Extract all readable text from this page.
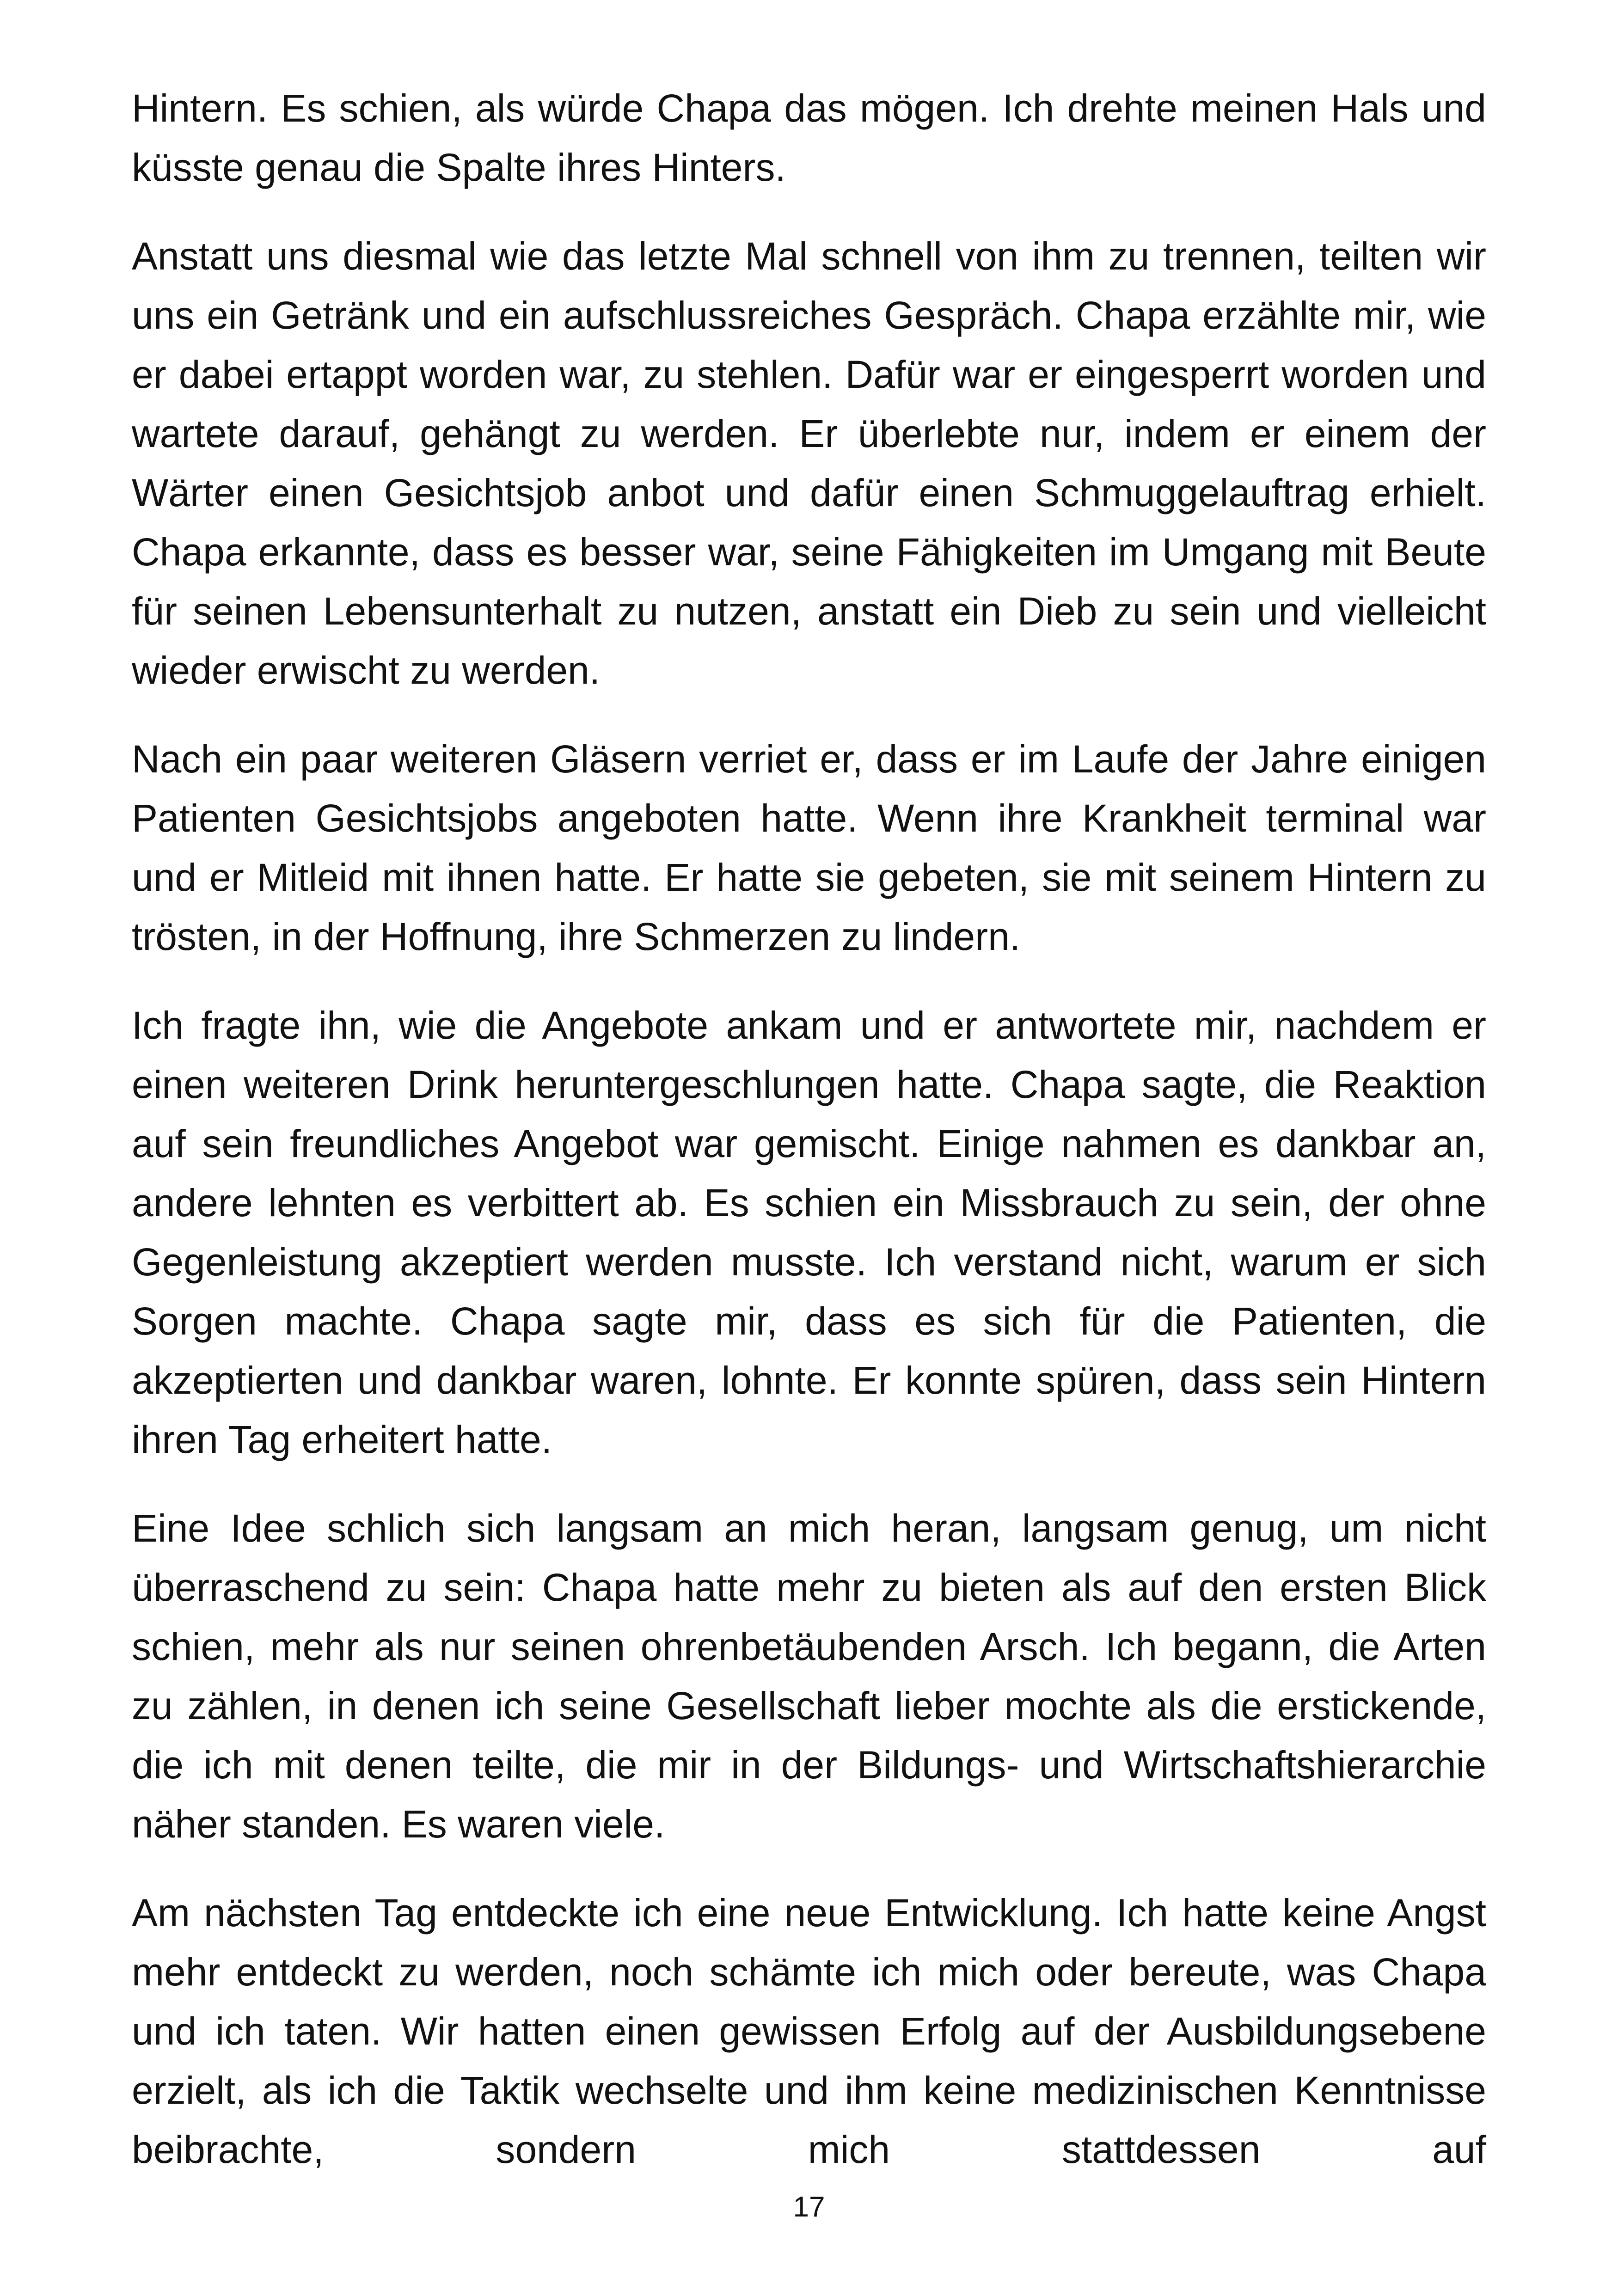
Hintern. Es schien, als würde Chapa das mögen. Ich drehte meinen Hals und küsste genau die Spalte ihres Hinters.

Anstatt uns diesmal wie das letzte Mal schnell von ihm zu trennen, teilten wir uns ein Getränk und ein aufschlussreiches Gespräch. Chapa erzählte mir, wie er dabei ertappt worden war, zu stehlen. Dafür war er eingesperrt worden und wartete darauf, gehängt zu werden. Er überlebte nur, indem er einem der Wärter einen Gesichtsjob anbot und dafür einen Schmuggelauftrag erhielt. Chapa erkannte, dass es besser war, seine Fähigkeiten im Umgang mit Beute für seinen Lebensunterhalt zu nutzen, anstatt ein Dieb zu sein und vielleicht wieder erwischt zu werden.

Nach ein paar weiteren Gläsern verriet er, dass er im Laufe der Jahre einigen Patienten Gesichtsjobs angeboten hatte. Wenn ihre Krankheit terminal war und er Mitleid mit ihnen hatte. Er hatte sie gebeten, sie mit seinem Hintern zu trösten, in der Hoffnung, ihre Schmerzen zu lindern.

Ich fragte ihn, wie die Angebote ankam und er antwortete mir, nachdem er einen weiteren Drink heruntergeschlungen hatte. Chapa sagte, die Reaktion auf sein freundliches Angebot war gemischt. Einige nahmen es dankbar an, andere lehnten es verbittert ab. Es schien ein Missbrauch zu sein, der ohne Gegenleistung akzeptiert werden musste. Ich verstand nicht, warum er sich Sorgen machte. Chapa sagte mir, dass es sich für die Patienten, die akzeptierten und dankbar waren, lohnte. Er konnte spüren, dass sein Hintern ihren Tag erheitert hatte.

Eine Idee schlich sich langsam an mich heran, langsam genug, um nicht überraschend zu sein: Chapa hatte mehr zu bieten als auf den ersten Blick schien, mehr als nur seinen ohrenbetäubenden Arsch. Ich begann, die Arten zu zählen, in denen ich seine Gesellschaft lieber mochte als die erstickende, die ich mit denen teilte, die mir in der Bildungs- und Wirtschaftshierarchie näher standen. Es waren viele.

Am nächsten Tag entdeckte ich eine neue Entwicklung. Ich hatte keine Angst mehr entdeckt zu werden, noch schämte ich mich oder bereute, was Chapa und ich taten. Wir hatten einen gewissen Erfolg auf der Ausbildungsebene erzielt, als ich die Taktik wechselte und ihm keine medizinischen Kenntnisse beibrachte, sondern mich stattdessen auf

17
